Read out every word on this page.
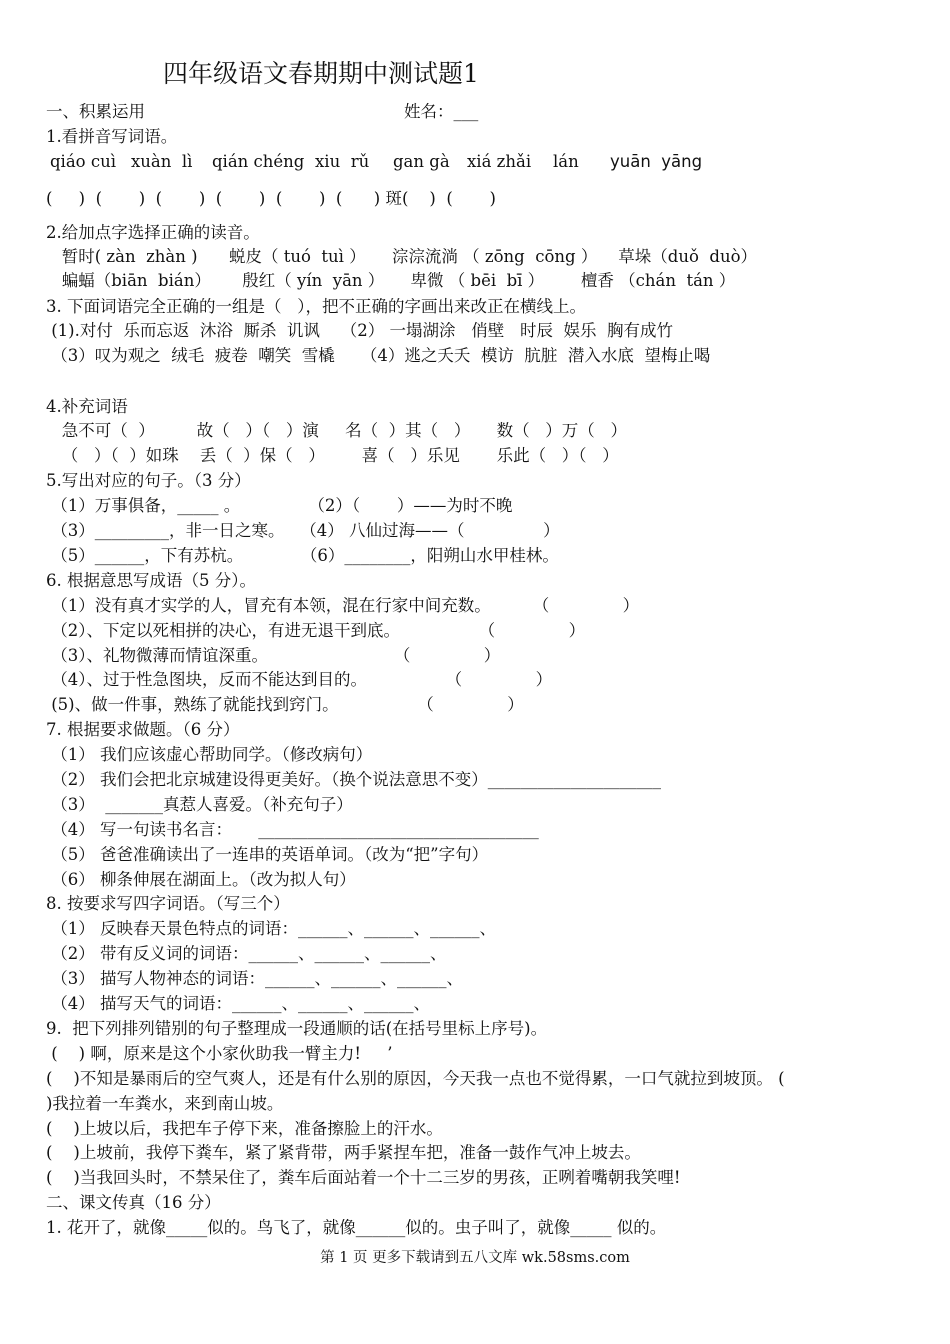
四年级语文春期期中测试题1
姓名：___
qiáo cuì xuàn  lì qián chéng xiu  rǔ gan gà xiá zhǎi lán yuān  yāng
一、积累运用
1.看拼音写词语。
(     )  (       )  (       )  (       )  (       )  (      ) 斑(    )  (       )
2.给加点字选择正确的读音。
暂时( zàn  zhàn )      蜕皮（ tuó  tuì ）     淙淙流淌 （ zōng  cōng ）    草垛（duǒ  duò）
蝙蝠（biān  bián）      殷红（ yín  yān ）     卑微 （ bēi  bī ）       檀香 （chán  tán ）
3. 下面词语完全正确的一组是（   ），把不正确的字画出来改正在横线上。
(1).对付  乐而忘返  沐浴  厮杀  讥讽    （2） 一塌湖涂   俏壁   时辰  娱乐  胸有成竹
（3）叹为观之  绒毛  疲卷  嘲笑  雪橇     （4）逃之夭夭  模访  肮脏  潜入水底  望梅止喝
4.补充词语
急不可（  ）        故（   ）（   ）演     名（  ）其（   ）     数（   ）万（   ）
（   ）（  ）如珠    丢（  ）保（   ）       喜（   ）乐见       乐此（   ）（   ）
5.写出对应的句子。（3 分）
（1）万事俱备，_____ 。             （2）（       ）——为时不晚
（3）_________，非一日之寒。   （4） 八仙过海——（               ）
（5）______，下有苏杭。           （6）________，阳朔山水甲桂林。
6. 根据意思写成语（5 分）。
（1）没有真才实学的人，冒充有本领，混在行家中间充数。        （              ）
（2）、下定以死相拼的决心，有进无退干到底。               （              ）
（3）、礼物微薄而情谊深重。                        （              ）
（4）、过于性急图块，反而不能达到目的。               （              ）
(5)、做一件事，熟练了就能找到窍门。               （              ）
7. 根据要求做题。（6 分）
（1） 我们应该虚心帮助同学。（修改病句）
（2） 我们会把北京城建设得更美好。（换个说法意思不变）_____________________
（3）  _______真惹人喜爱。（补充句子）
（4） 写一句读书名言：     __________________________________
（5） 爸爸准确读出了一连串的英语单词。（改为“把”字句）
（6） 柳条伸展在湖面上。（改为拟人句）
8. 按要求写四字词语。（写三个）
（1） 反映春天景色特点的词语：______、______、______、
（2） 带有反义词的词语：______、______、______、
（3） 描写人物神态的词语：______、______、______、
（4） 描写天气的词语：______、______、______、
9.  把下列排列错别的句子整理成一段通顺的话(在括号里标上序号)。
(    ) 啊，原来是这个小家伙助我一臂主力!     ’
(    )不知是暴雨后的空气爽人，还是有什么别的原因，今天我一点也不觉得累，一口气就拉到坡顶。 (
)我拉着一车粪水，来到南山坡。
(    )上坡以后，我把车子停下来，准备擦脸上的汗水。
(    )上坡前，我停下粪车，紧了紧背带，两手紧捏车把，准备一鼓作气冲上坡去。
(    )当我回头时，不禁呆住了，粪车后面站着一个十二三岁的男孩，正咧着嘴朝我笑哩!
二、课文传真（16 分）
1. 花开了，就像_____似的。鸟飞了，就像______似的。虫子叫了，就像_____ 似的。
第 1 页 更多下载请到五八文库 wk.58sms.com
